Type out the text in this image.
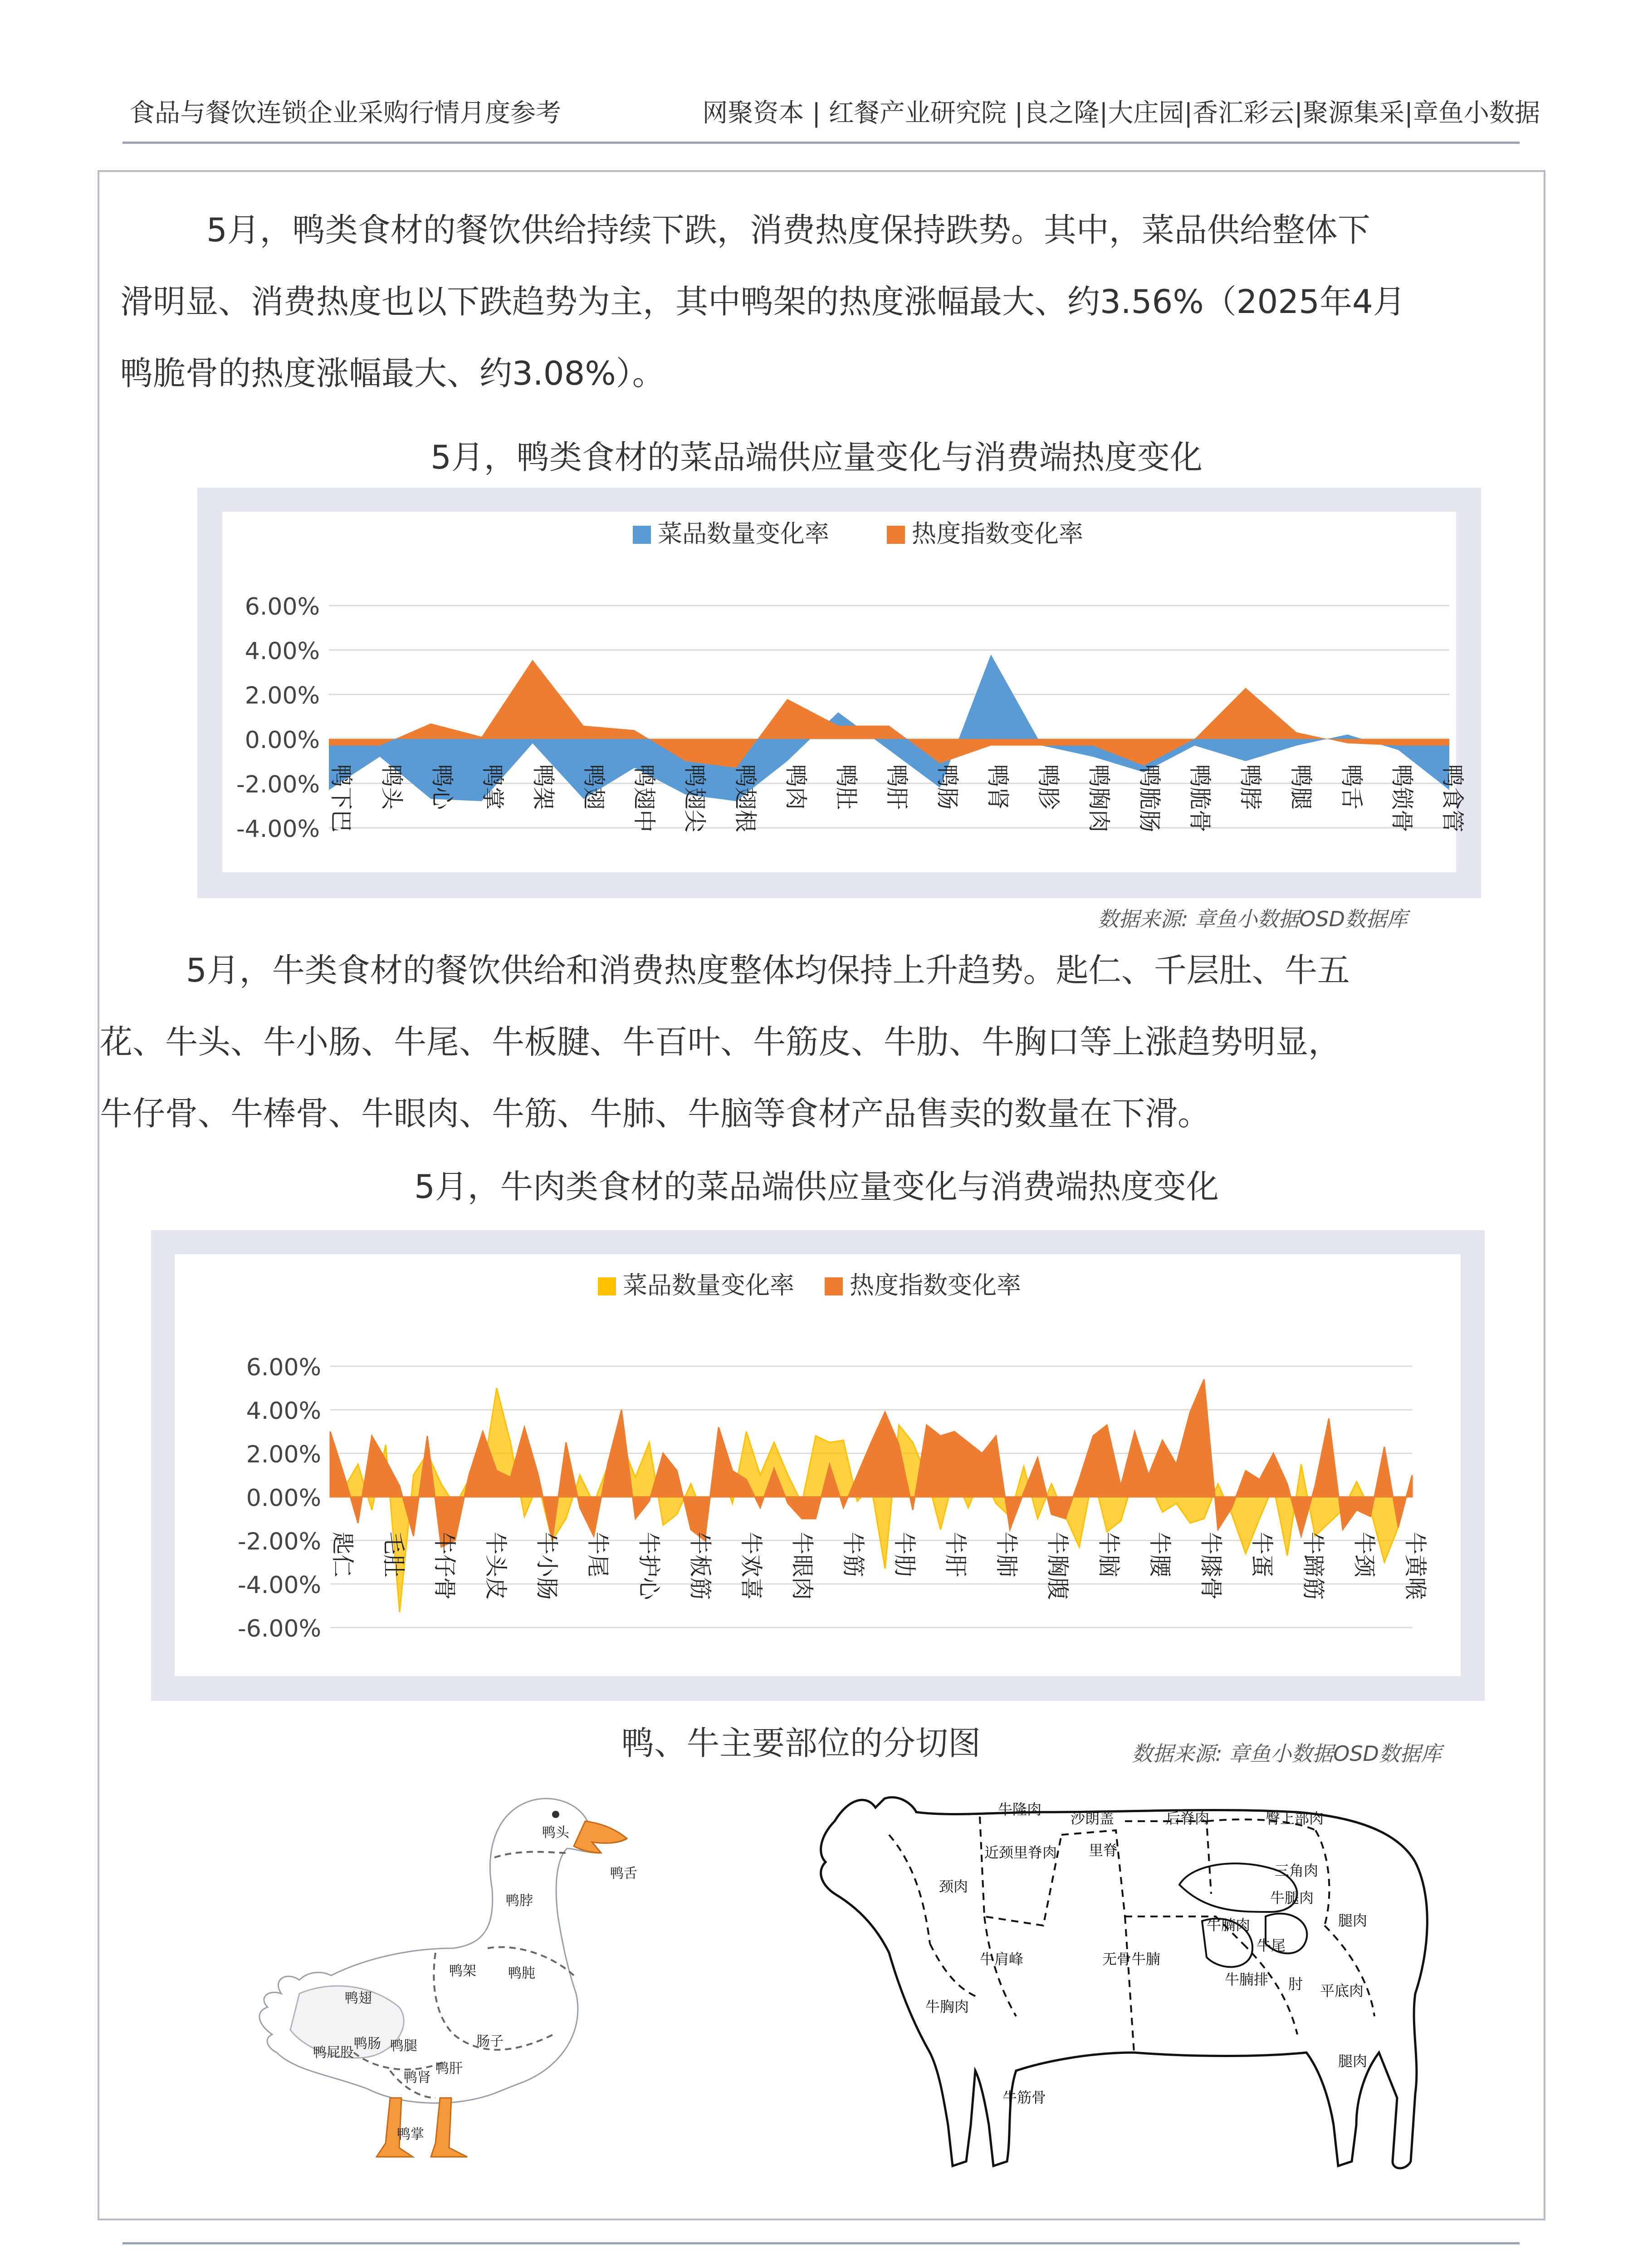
食品与餐饮连锁企业采购行情月度参考	网聚资本 | 红餐产业研究院 |良之隆|大庄园|香汇彩云|聚源集采|章鱼小数据
5月，鸭类食材的餐饮供给持续下跌，消费热度保持跌势。其中，菜品供给整体下
滑明显、消费热度也以下跌趋势为主，其中鸭架的热度涨幅最大、约3.56%（2025年4月
鸭脆骨的热度涨幅最大、约3.08%）。
5月，鸭类食材的菜品端供应量变化与消费端热度变化
6.00%
4.00%
2.00%
0.00%
-2.00%
-4.00% 鸭下巴 鸭头 鸭心 鸭掌 鸭架 鸭翅 鸭翅中 鸭翅尖 鸭翅根 鸭肉 鸭肚 鸭肝 鸭肠 鸭肾 鸭胗 鸭胸肉 鸭脆肠 鸭脆骨 鸭脖 鸭腿 鸭舌 鸭锁骨 鸭食管
菜品数量变化率	热度指数变化率
数据来源: 章鱼小数据OSD数据库
5月，牛类食材的餐饮供给和消费热度整体均保持上升趋势。匙仁、千层肚、牛五
花、牛头、牛小肠、牛尾、牛板腱、牛百叶、牛筋皮、牛肋、牛胸口等上涨趋势明显，
牛仔骨、牛棒骨、牛眼肉、牛筋、牛肺、牛脑等食材产品售卖的数量在下滑。
5月，牛肉类食材的菜品端供应量变化与消费端热度变化
6.00%
4.00%
2.00%
0.00%
-2.00%
-4.00%
-6.00%
匙仁 毛肚 牛仔骨 牛头皮 牛小肠 牛尾 牛护心 牛板筋 牛欢喜 牛眼肉 牛筋 牛肋 牛肝 牛肺 牛胸腹 牛脑 牛腰 牛膝骨 牛蛋 牛蹄筋 牛颈 牛黄喉
菜品数量变化率 热度指数变化率
鸭、牛主要部位的分切图	数据来源: 章鱼小数据OSD数据库
鸭头
鸭舌
鸭脖
鸭架
鸭翅
鸭肫
鸭屁股
鸭肠 鸭腿	肠子
鸭肾
鸭肝
鸭掌
牛隆肉
沙朗盖	后脊肉	臀上部肉
近颈里脊肉 里脊
三角肉
颈肉
牛腩肉
牛腿肉
腿肉
牛肩峰	无骨牛腩
牛尾
牛胸肉
牛腩排 肘 平底肉
牛筋骨
腿肉
